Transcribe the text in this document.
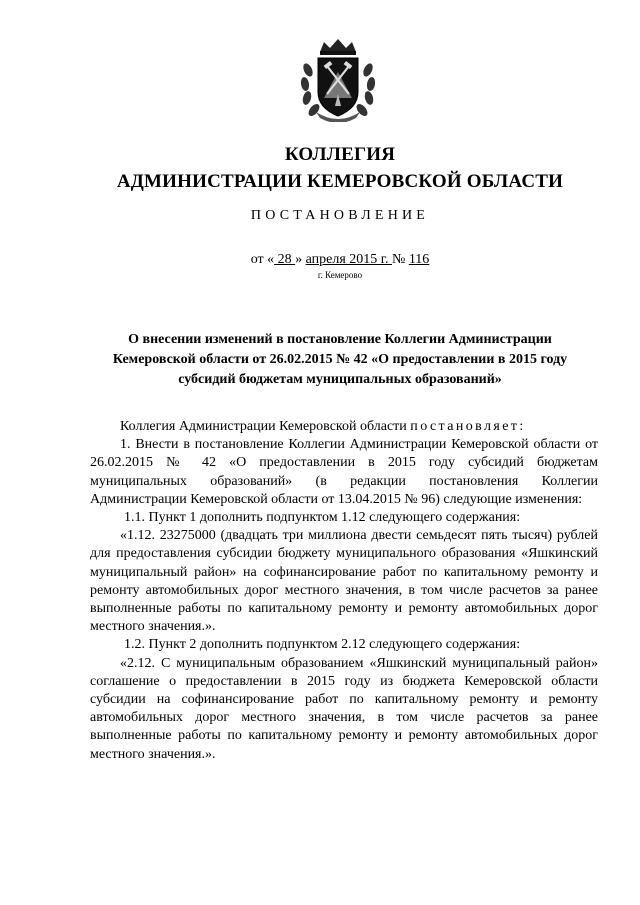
КОЛЛЕГИЯ
АДМИНИСТРАЦИИ КЕМЕРОВСКОЙ ОБЛАСТИ
ПОСТАНОВЛЕНИЕ
от « 28 » апреля 2015 г. № 116
г. Кемерово
О внесении изменений в постановление Коллегии Администрации
Кемеровской области от 26.02.2015 № 42 «О предоставлении в 2015 году
субсидий бюджетам муниципальных образований»

Коллегия Администрации Кемеровской области постановляет:

1. Внести в постановление Коллегии Администрации Кемеровской области от 26.02.2015 № 42 «О предоставлении в 2015 году субсидий бюджетам муниципальных образований» (в редакции постановления Коллегии Администрации Кемеровской области от 13.04.2015 № 96) следующие изменения:

1.1. Пункт 1 дополнить подпунктом 1.12 следующего содержания:

«1.12. 23275000 (двадцать три миллиона двести семьдесят пять тысяч) рублей для предоставления субсидии бюджету муниципального образования «Яшкинский муниципальный район» на софинансирование работ по капитальному ремонту и ремонту автомобильных дорог местного значения, в том числе расчетов за ранее выполненные работы по капитальному ремонту и ремонту автомобильных дорог местного значения.».

1.2. Пункт 2 дополнить подпунктом 2.12 следующего содержания:

«2.12. С муниципальным образованием «Яшкинский муниципальный район» соглашение о предоставлении в 2015 году из бюджета Кемеровской области субсидии на софинансирование работ по капитальному ремонту и ремонту автомобильных дорог местного значения, в том числе расчетов за ранее выполненные работы по капитальному ремонту и ремонту автомобильных дорог местного значения.».
